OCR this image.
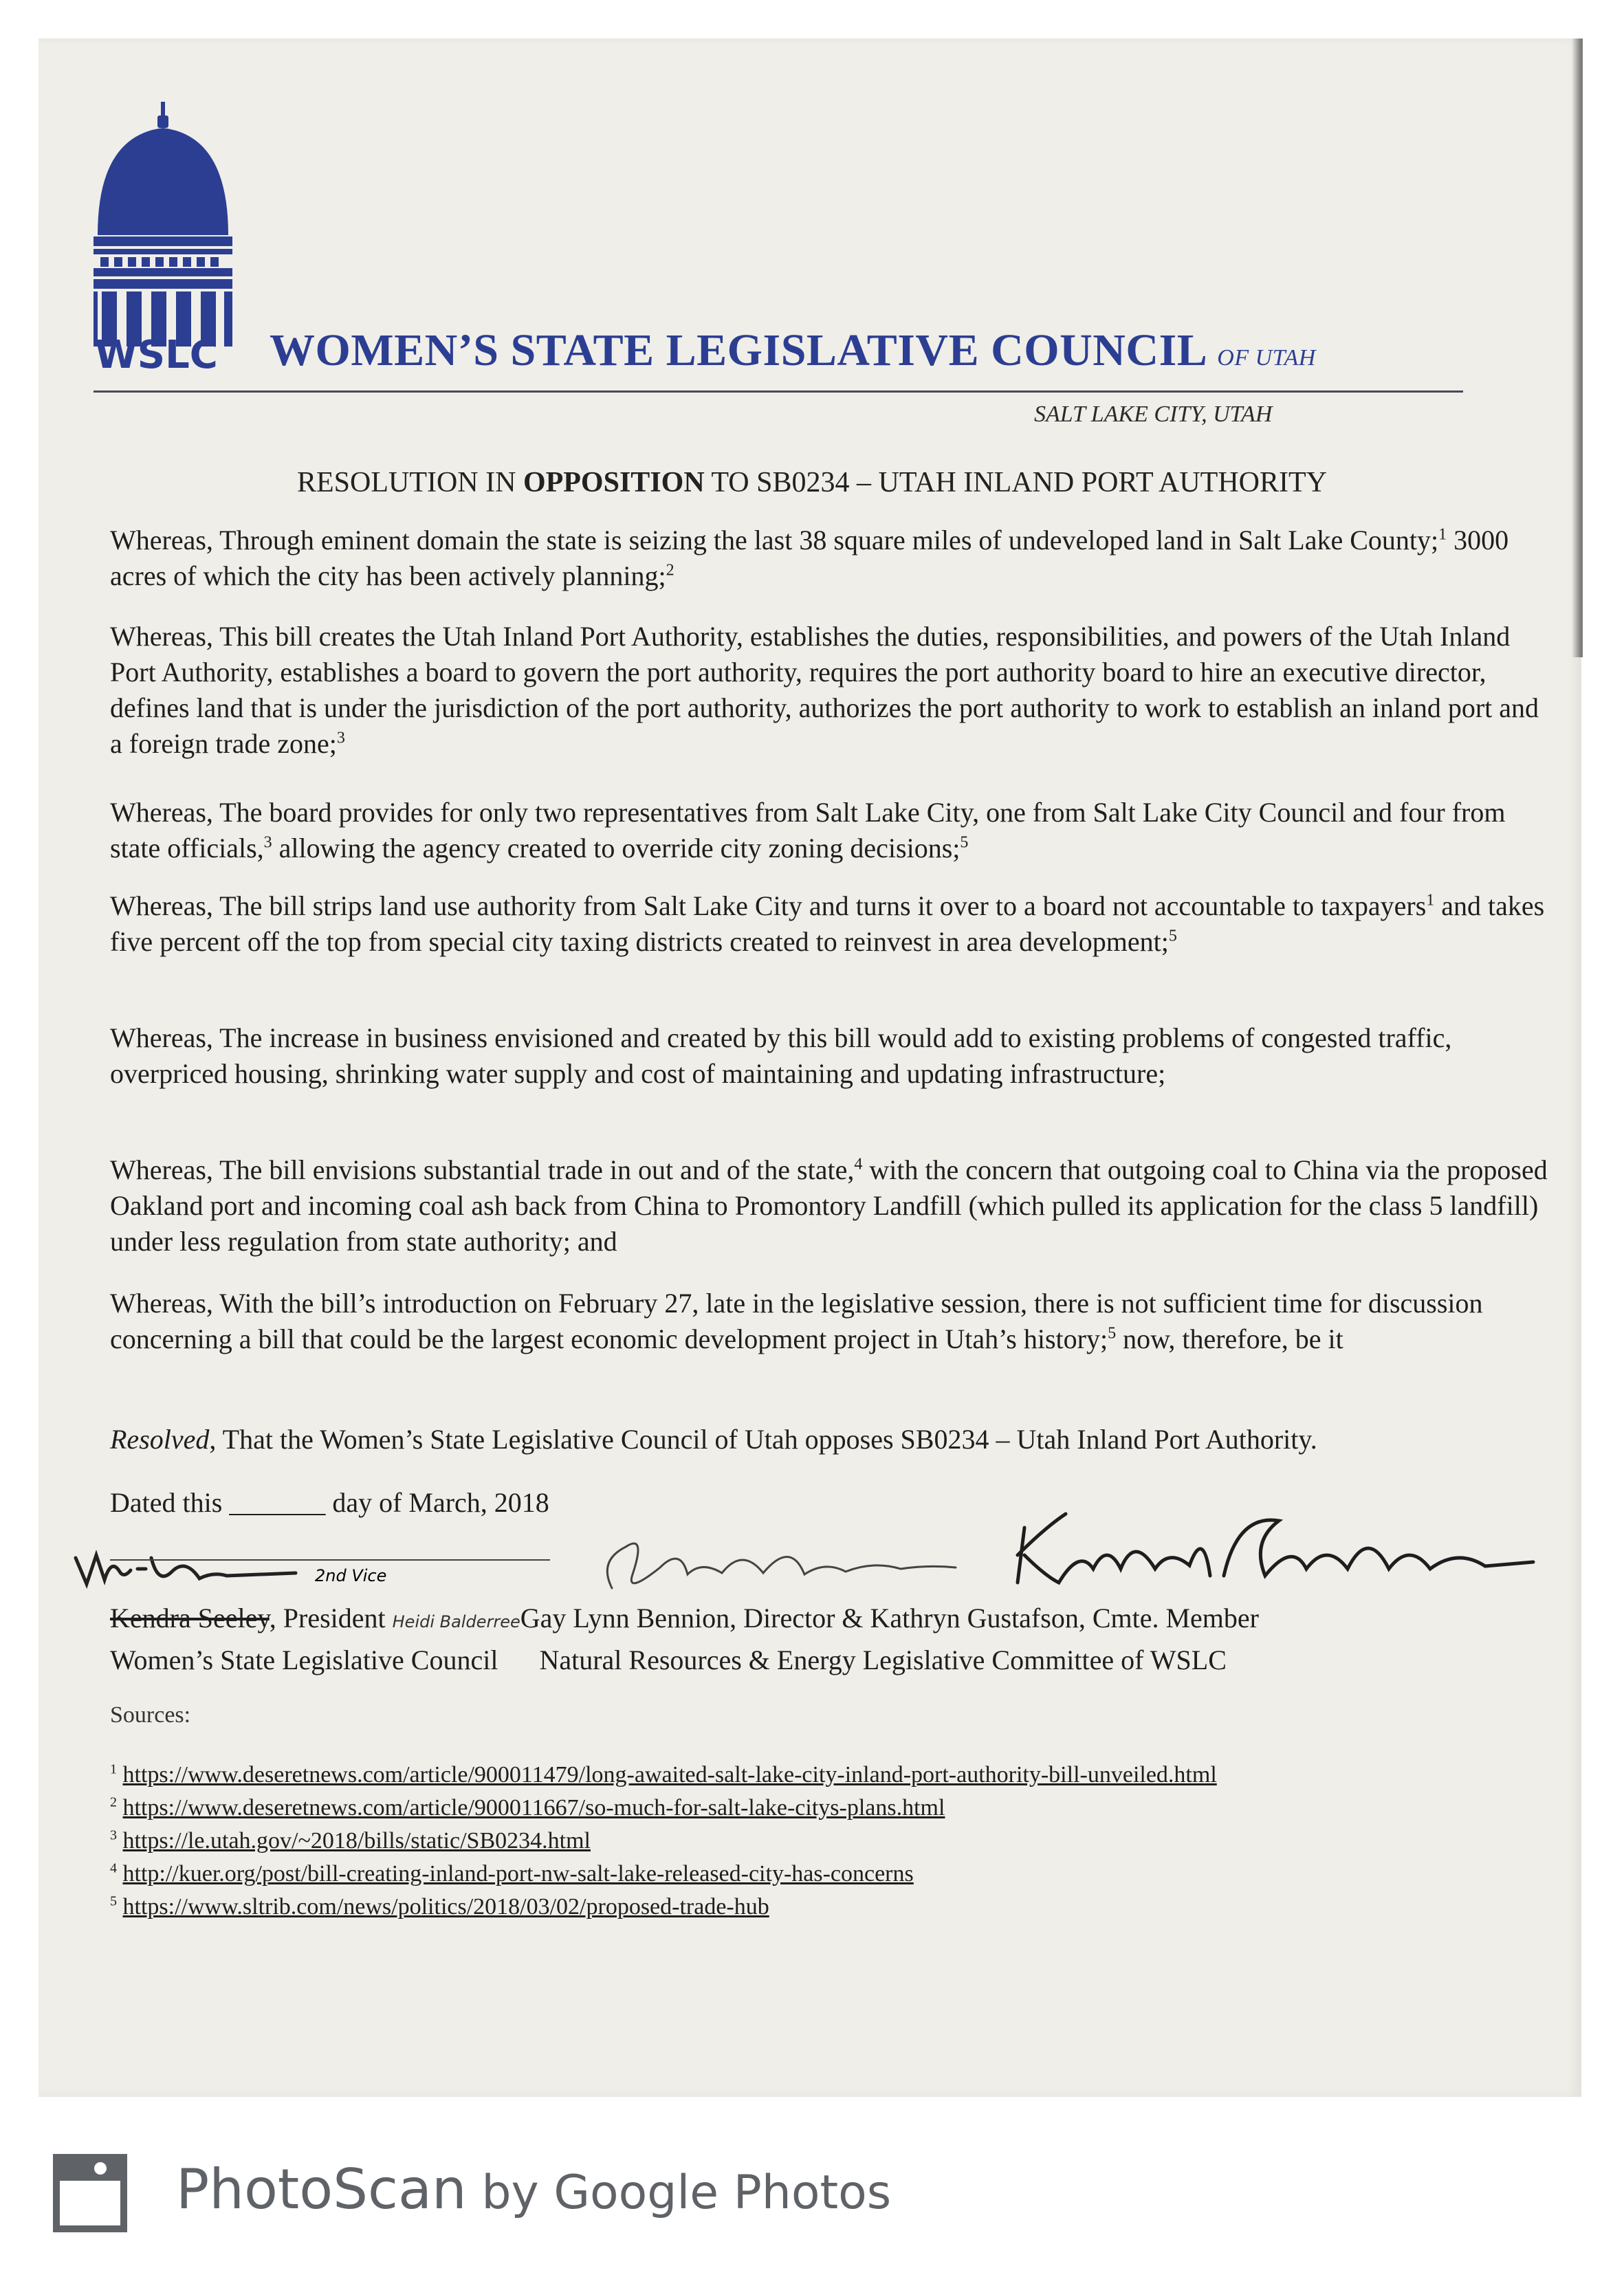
WSLC WOMEN’S STATE LEGISLATIVE COUNCIL OF UTAH
SALT LAKE CITY, UTAH
RESOLUTION IN OPPOSITION TO SB0234 – UTAH INLAND PORT AUTHORITY

Whereas, Through eminent domain the state is seizing the last 38 square miles of undeveloped land in Salt Lake County;$^1$ 3000 acres of which the city has been actively planning;$^2$

Whereas, This bill creates the Utah Inland Port Authority, establishes the duties, responsibilities, and powers of the Utah Inland Port Authority, establishes a board to govern the port authority, requires the port authority board to hire an executive director, defines land that is under the jurisdiction of the port authority, authorizes the port authority to work to establish an inland port and a foreign trade zone;$^3$

Whereas, The board provides for only two representatives from Salt Lake City, one from Salt Lake City Council and four from state officials,$^3$ allowing the agency created to override city zoning decisions;$^5$

Whereas, The bill strips land use authority from Salt Lake City and turns it over to a board not accountable to taxpayers$^1$ and takes five percent off the top from special city taxing districts created to reinvest in area development;$^5$

Whereas, The increase in business envisioned and created by this bill would add to existing problems of congested traffic, overpriced housing, shrinking water supply and cost of maintaining and updating infrastructure;

Whereas, The bill envisions substantial trade in out and of the state,$^4$ with the concern that outgoing coal to China via the proposed Oakland port and incoming coal ash back from China to Promontory Landfill (which pulled its application for the class 5 landfill) under less regulation from state authority; and

Whereas, With the bill’s introduction on February 27, late in the legislative session, there is not sufficient time for discussion concerning a bill that could be the largest economic development project in Utah’s history;$^5$ now, therefore, be it

Resolved, That the Women’s State Legislative Council of Utah opposes SB0234 – Utah Inland Port Authority.

Dated this _______ day of March, 2018

2nd Vice
Kendra Seeley, President Heidi BalderreeGay Lynn Bennion, Director & Kathryn Gustafson, Cmte. Member
Women’s State Legislative Council Natural Resources & Energy Legislative Committee of WSLC
Sources:
$^1$ https://www.deseretnews.com/article/900011479/long-awaited-salt-lake-city-inland-port-authority-bill-unveiled.html
$^2$ https://www.deseretnews.com/article/900011667/so-much-for-salt-lake-citys-plans.html
$^3$ https://le.utah.gov/~2018/bills/static/SB0234.html
$^4$ http://kuer.org/post/bill-creating-inland-port-nw-salt-lake-released-city-has-concerns
$^5$ https://www.sltrib.com/news/politics/2018/03/02/proposed-trade-hub
PhotoScan by Google Photos
